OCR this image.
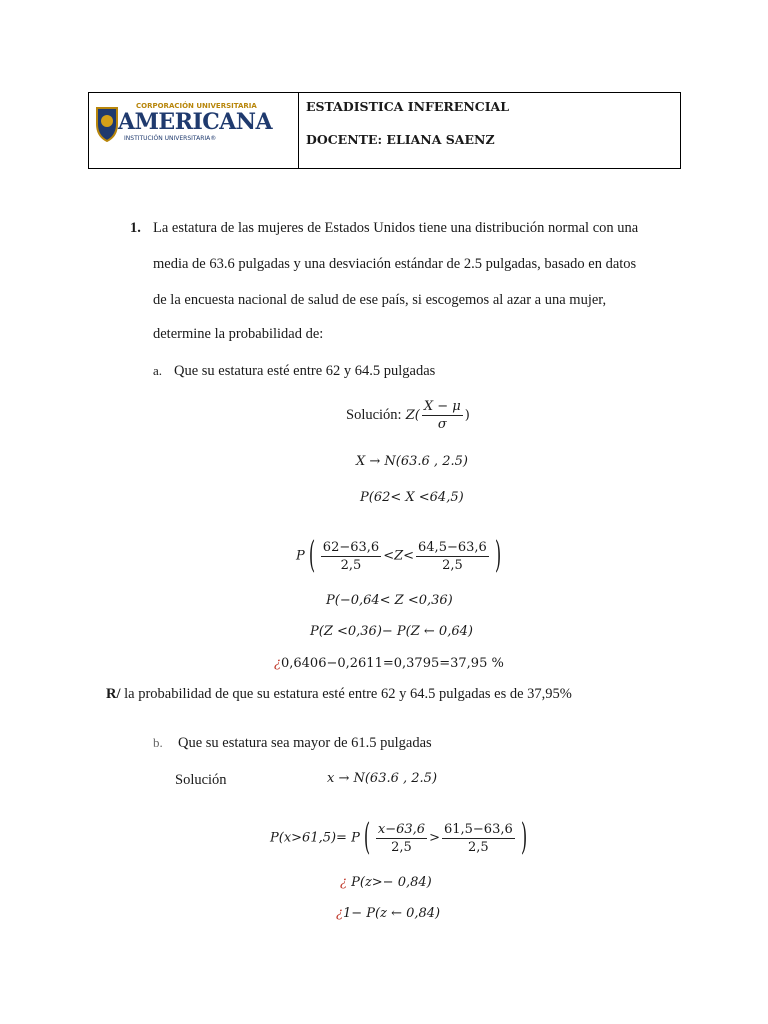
CORPORACIÓN UNIVERSITARIA
AMERICANA
INSTITUCIÓN UNIVERSITARIA®
ESTADISTICA INFERENCIAL
DOCENTE: ELIANA SAENZ
1. La estatura de las mujeres de Estados Unidos tiene una distribución normal con una
media de 63.6 pulgadas y una desviación estándar de 2.5 pulgadas, basado en datos
de la encuesta nacional de salud de ese país, si escogemos al azar a una mujer,
determine la probabilidad de:
a. Que su estatura esté entre 62 y 64.5 pulgadas
Solución: $Z( \frac{X - \mu}{\sigma}$ )
X → N(63.6 , 2.5)
P(62< X <64,5)
P ( $\frac{62-63,6}{2,5} <Z< \frac{64,5-63,6}{2,5}$ )
P(−0,64< Z <0,36)
P(Z <0,36)− P(Z ← 0,64)
¿0,6406−0,2611=0,3795=37,95 %
R/ la probabilidad de que su estatura esté entre 62 y 64.5 pulgadas es de 37,95%
b. Que su estatura sea mayor de 61.5 pulgadas
Solución	x → N(63.6 , 2.5)
P(x>61,5)= P ( $\frac{x-63,6}{2,5} > \frac{61,5-63,6}{2,5}$ )
¿ P(z>− 0,84)
¿1− P(z ← 0,84)
